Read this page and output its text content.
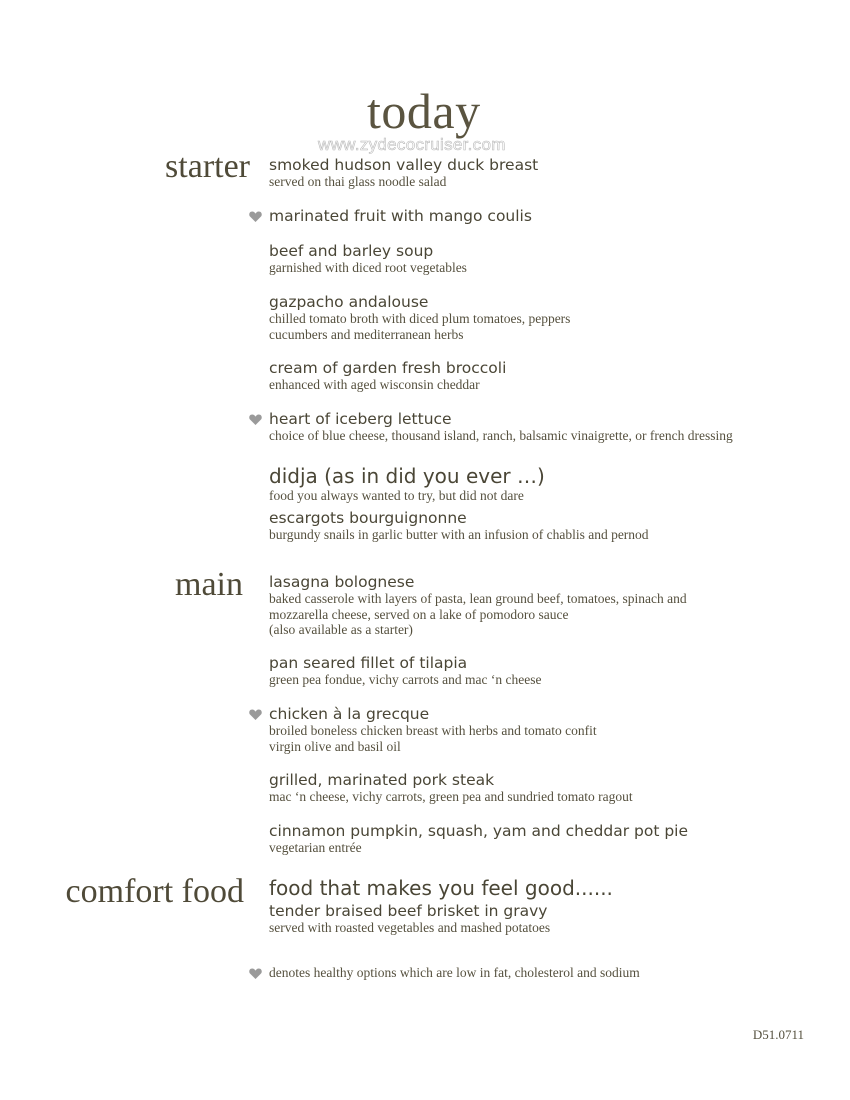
today
www.zydecocruiser.com
starter
main
comfort food
smoked hudson valley duck breast
served on thai glass noodle salad
marinated fruit with mango coulis
beef and barley soup
garnished with diced root vegetables
gazpacho andalouse
chilled tomato broth with diced plum tomatoes, peppers
cucumbers and mediterranean herbs
cream of garden fresh broccoli
enhanced with aged wisconsin cheddar
heart of iceberg lettuce
choice of blue cheese, thousand island, ranch, balsamic vinaigrette, or french dressing
didja (as in did you ever …)
food you always wanted to try, but did not dare
escargots bourguignonne
burgundy snails in garlic butter with an infusion of chablis and pernod
lasagna bolognese
baked casserole with layers of pasta, lean ground beef, tomatoes, spinach and
mozzarella cheese, served on a lake of pomodoro sauce
(also available as a starter)
pan seared fillet of tilapia
green pea fondue, vichy carrots and mac ‘n cheese
chicken à la grecque
broiled boneless chicken breast with herbs and tomato confit
virgin olive and basil oil
grilled, marinated pork steak
mac ‘n cheese, vichy carrots, green pea and sundried tomato ragout
cinnamon pumpkin, squash, yam and cheddar pot pie
vegetarian entrée
food that makes you feel good......
tender braised beef brisket in gravy
served with roasted vegetables and mashed potatoes
denotes healthy options which are low in fat, cholesterol and sodium
D51.0711
